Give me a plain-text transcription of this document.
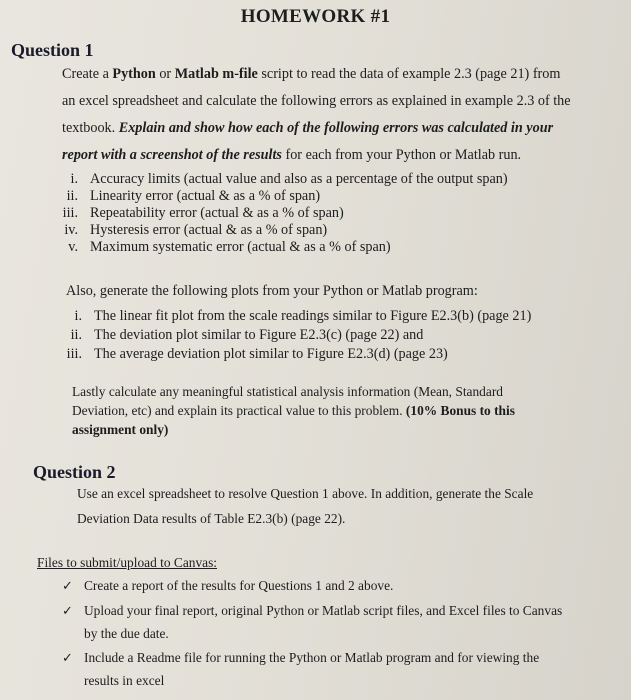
HOMEWORK #1
Question 1
Create a Python or Matlab m-file script to read the data of example 2.3 (page 21) from
an excel spreadsheet and calculate the following errors as explained in example 2.3 of the
textbook. Explain and show how each of the following errors was calculated in your
report with a screenshot of the results for each from your Python or Matlab run.
i. Accuracy limits (actual value and also as a percentage of the output span)
ii. Linearity error (actual & as a % of span)
iii. Repeatability error (actual & as a % of span)
iv. Hysteresis error (actual & as a % of span)
v. Maximum systematic error (actual & as a % of span)
Also, generate the following plots from your Python or Matlab program:
i. The linear fit plot from the scale readings similar to Figure E2.3(b) (page 21)
ii. The deviation plot similar to Figure E2.3(c) (page 22) and
iii. The average deviation plot similar to Figure E2.3(d) (page 23)
Lastly calculate any meaningful statistical analysis information (Mean, Standard
Deviation, etc) and explain its practical value to this problem. (10% Bonus to this
assignment only)
Question 2
Use an excel spreadsheet to resolve Question 1 above. In addition, generate the Scale
Deviation Data results of Table E2.3(b) (page 22).
Files to submit/upload to Canvas:
✓ Create a report of the results for Questions 1 and 2 above.
✓ Upload your final report, original Python or Matlab script files, and Excel files to Canvas
by the due date.
✓ Include a Readme file for running the Python or Matlab program and for viewing the
results in excel
